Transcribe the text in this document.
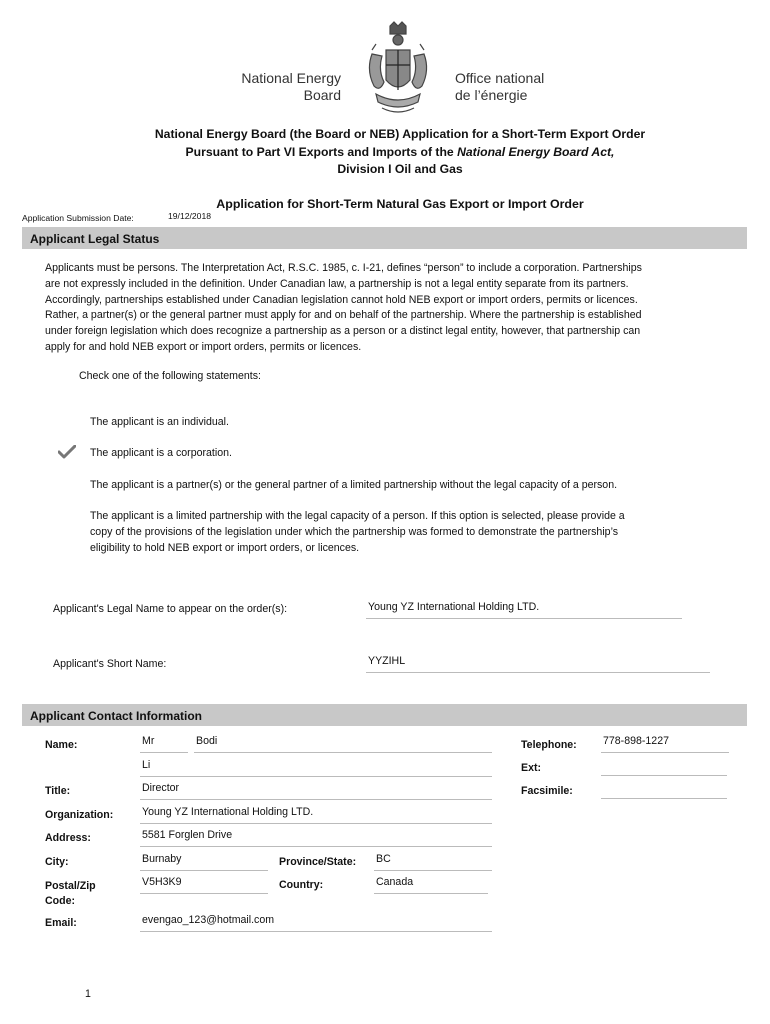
National Energy
Board
Office national
de l’énergie
National Energy Board (the Board or NEB) Application for a Short-Term Export Order
Pursuant to Part VI Exports and Imports of the National Energy Board Act,
Division I Oil and Gas
Application for Short-Term Natural Gas Export or Import Order
Application Submission Date:	19/12/2018
Applicant Legal Status
Applicants must be persons. The Interpretation Act, R.S.C. 1985, c. I-21, defines “person” to include a corporation. Partnerships
are not expressly included in the definition. Under Canadian law, a partnership is not a legal entity separate from its partners.
Accordingly, partnerships established under Canadian legislation cannot hold NEB export or import orders, permits or licences.
Rather, a partner(s) or the general partner must apply for and on behalf of the partnership. Where the partnership is established
under foreign legislation which does recognize a partnership as a person or a distinct legal entity, however, that partnership can
apply for and hold NEB export or import orders, permits or licences.
Check one of the following statements:
The applicant is an individual.
The applicant is a corporation.
The applicant is a partner(s) or the general partner of a limited partnership without the legal capacity of a person.
The applicant is a limited partnership with the legal capacity of a person. If this option is selected, please provide a
copy of the provisions of the legislation under which the partnership was formed to demonstrate the partnership’s
eligibility to hold NEB export or import orders, or licences.
Applicant's Legal Name to appear on the order(s):	Young YZ International Holding LTD.
Applicant's Short Name:	YYZIHL
Applicant Contact Information
Name:	Mr	Bodi
Li
Telephone: 778-898-1227
Ext:
Title:	Director	Facsimile:
Organization:	Young YZ International Holding LTD.
Address:	5581 Forglen Drive
City:	Burnaby	Province/State: BC
Postal/Zip
Code:
V5H3K9	Country:	Canada
Email:	evengao_123@hotmail.com
1
